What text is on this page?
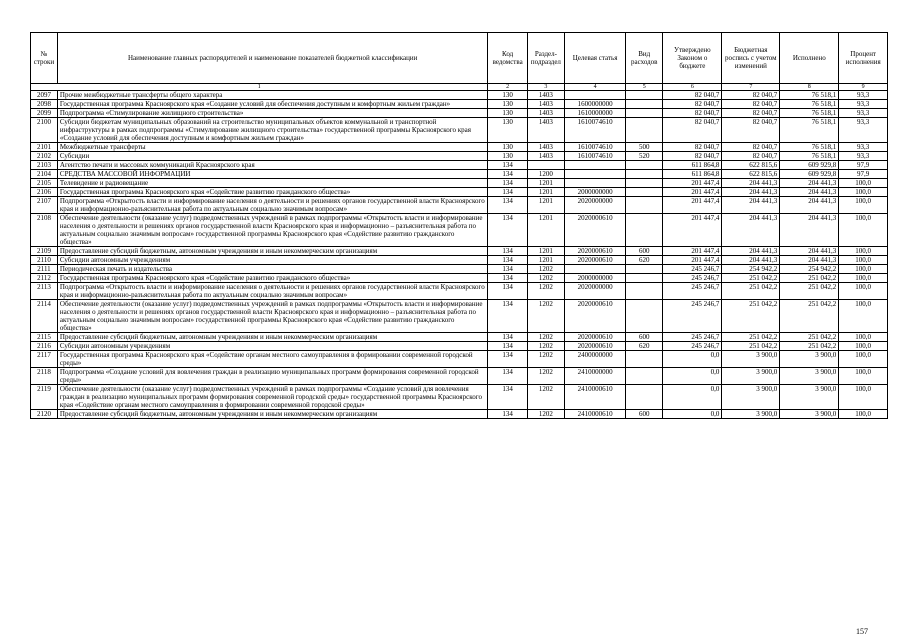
№ строки	Наименование главных распорядителей и наименование показателей бюджетной классификации	Код ведомства	Раздел-подраздел	Целевая статья	Вид расходов	Утверждено Законом о бюджете	Бюджетная роспись с учетом изменений	Исполнено	Процент исполнения
1		2	3	4	5	6	7	8	9
2097	Прочие межбюджетные трансферты общего характера	130	1403			82 040,7	82 040,7	76 518,1	93,3
2098	Государственная программа Красноярского края «Создание условий для обеспечения доступным и комфортным жильем граждан»	130	1403	1600000000		82 040,7	82 040,7	76 518,1	93,3
2099	Подпрограмма «Стимулирование жилищного строительства»	130	1403	1610000000		82 040,7	82 040,7	76 518,1	93,3
2100	Субсидии бюджетам муниципальных образований на строительство муниципальных объектов коммунальной и транспортной инфраструктуры в рамках подпрограммы «Стимулирование жилищного строительства» государственной программы Красноярского края «Создание условий для обеспечения доступным и комфортным жильем граждан»	130	1403	1610074610		82 040,7	82 040,7	76 518,1	93,3
2101	Межбюджетные трансферты	130	1403	1610074610	500	82 040,7	82 040,7	76 518,1	93,3
2102	Субсидии	130	1403	1610074610	520	82 040,7	82 040,7	76 518,1	93,3
2103	Агентство печати и массовых коммуникаций Красноярского края	134				611 864,8	622 815,6	609 929,8	97,9
2104	СРЕДСТВА МАССОВОЙ ИНФОРМАЦИИ	134	1200			611 864,8	622 815,6	609 929,8	97,9
2105	Телевидение и радиовещание	134	1201			201 447,4	204 441,3	204 441,3	100,0
2106	Государственная программа Красноярского края «Содействие развитию гражданского общества»	134	1201	2000000000		201 447,4	204 441,3	204 441,3	100,0
2107	Подпрограмма «Открытость власти и информирование населения о деятельности и решениях органов государственной власти Красноярского края и информационно-разъяснительная работа по актуальным социально значимым вопросам»	134	1201	2020000000		201 447,4	204 441,3	204 441,3	100,0
2108	Обеспечение деятельности (оказание услуг) подведомственных учреждений в рамках подпрограммы «Открытость власти и информирование населения о деятельности и решениях органов государственной власти Красноярского края и информационно – разъяснительная работа по актуальным социально значимым вопросам» государственной программы Красноярского края «Содействие развитию гражданского общества»	134	1201	2020000610		201 447,4	204 441,3	204 441,3	100,0
2109	Предоставление субсидий бюджетным, автономным учреждениям и иным некоммерческим организациям	134	1201	2020000610	600	201 447,4	204 441,3	204 441,3	100,0
2110	Субсидии автономным учреждениям	134	1201	2020000610	620	201 447,4	204 441,3	204 441,3	100,0
2111	Периодическая печать и издательства	134	1202			245 246,7	254 942,2	254 942,2	100,0
2112	Государственная программа Красноярского края «Содействие развитию гражданского общества»	134	1202	2000000000		245 246,7	251 042,2	251 042,2	100,0
2113	Подпрограмма «Открытость власти и информирование населения о деятельности и решениях органов государственной власти Красноярского края и информационно-разъяснительная работа по актуальным социально значимым вопросам»	134	1202	2020000000		245 246,7	251 042,2	251 042,2	100,0
2114	Обеспечение деятельности (оказание услуг) подведомственных учреждений в рамках подпрограммы «Открытость власти и информирование населения о деятельности и решениях органов государственной власти Красноярского края и информационно – разъяснительная работа по актуальным социально значимым вопросам» государственной программы Красноярского края «Содействие развитию гражданского общества»	134	1202	2020000610		245 246,7	251 042,2	251 042,2	100,0
2115	Предоставление субсидий бюджетным, автономным учреждениям и иным некоммерческим организациям	134	1202	2020000610	600	245 246,7	251 042,2	251 042,2	100,0
2116	Субсидии автономным учреждениям	134	1202	2020000610	620	245 246,7	251 042,2	251 042,2	100,0
2117	Государственная программа Красноярского края «Содействие органам местного самоуправления в формировании современной городской среды»	134	1202	2400000000		0,0	3 900,0	3 900,0	100,0
2118	Подпрограмма «Создание условий для вовлечения граждан в реализацию муниципальных программ формирования современной городской среды»	134	1202	2410000000		0,0	3 900,0	3 900,0	100,0
2119	Обеспечение деятельности (оказание услуг) подведомственных учреждений в рамках подпрограммы «Создание условий для вовлечения граждан в реализацию муниципальных программ формирования современной городской среды» государственной программы Красноярского края «Содействие органам местного самоуправления в формировании современной городской среды»	134	1202	2410000610		0,0	3 900,0	3 900,0	100,0
2120	Предоставление субсидий бюджетным, автономным учреждениям и иным некоммерческим организациям	134	1202	2410000610	600	0,0	3 900,0	3 900,0	100,0
157
